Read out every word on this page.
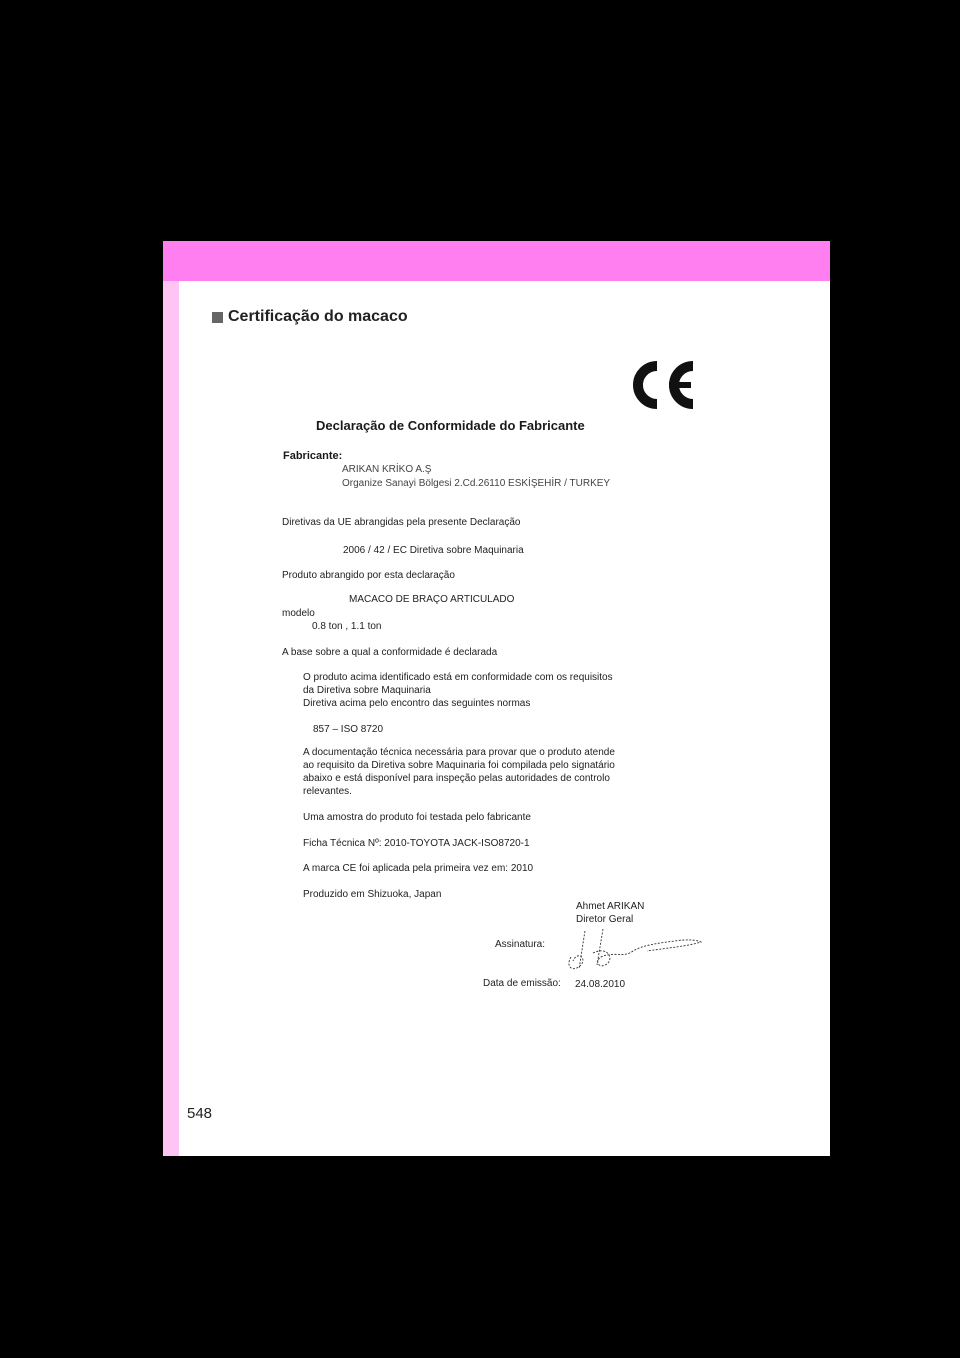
Certificação do macaco
Declaração de Conformidade do Fabricante
Fabricante:
ARIKAN KRİKO A.Ş
Organize Sanayi Bölgesi 2.Cd.26110 ESKİŞEHİR / TURKEY
Diretivas da UE abrangidas pela presente Declaração
2006 / 42 / EC Diretiva sobre Maquinaria
Produto abrangido por esta declaração
MACACO DE BRAÇO ARTICULADO
modelo
0.8 ton , 1.1 ton
A base sobre a qual a conformidade é declarada
O produto acima identificado está em conformidade com os requisitos
da Diretiva sobre Maquinaria
Diretiva acima pelo encontro das seguintes normas
857 – ISO 8720
A documentação técnica necessária para provar que o produto atende
ao requisito da Diretiva sobre Maquinaria foi compilada pelo signatário
abaixo e está disponível para inspeção pelas autoridades de controlo
relevantes.
Uma amostra do produto foi testada pelo fabricante
Ficha Técnica Nº: 2010-TOYOTA JACK-ISO8720-1
A marca CE foi aplicada pela primeira vez em: 2010
Produzido em Shizuoka, Japan
Ahmet ARIKAN
Diretor Geral
Assinatura:
Data de emissão: 24.08.2010
548
